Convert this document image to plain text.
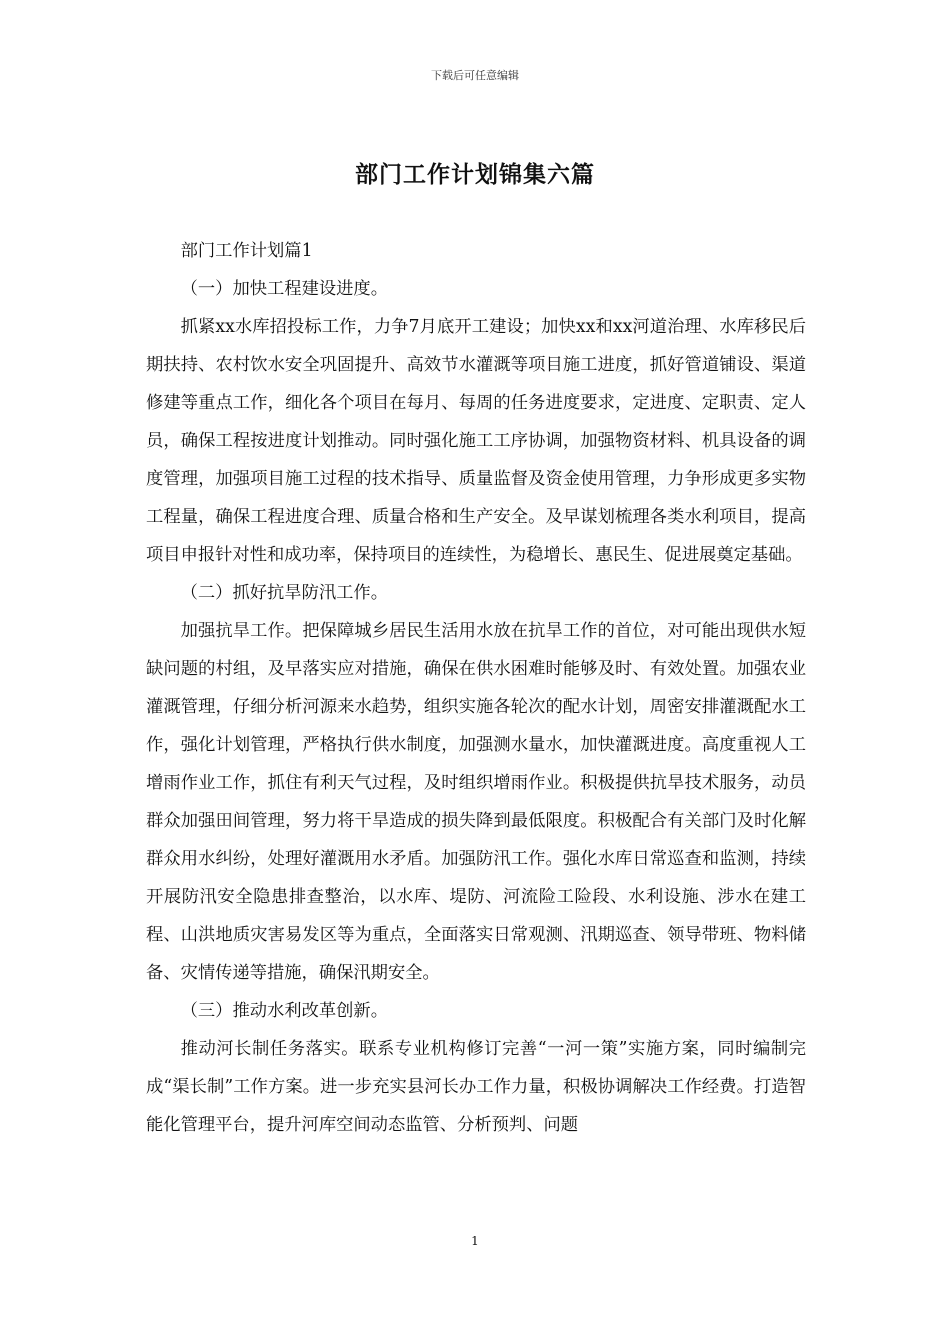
下载后可任意编辑
部门工作计划锦集六篇

部门工作计划篇1

（一）加快工程建设进度。

抓紧xx水库招投标工作，力争7月底开工建设；加快xx和xx河道治理、水库移民后期扶持、农村饮水安全巩固提升、高效节水灌溉等项目施工进度，抓好管道铺设、渠道修建等重点工作，细化各个项目在每月、每周的任务进度要求，定进度、定职责、定人员，确保工程按进度计划推动。同时强化施工工序协调，加强物资材料、机具设备的调度管理，加强项目施工过程的技术指导、质量监督及资金使用管理，力争形成更多实物工程量，确保工程进度合理、质量合格和生产安全。及早谋划梳理各类水利项目，提高项目申报针对性和成功率，保持项目的连续性，为稳增长、惠民生、促进展奠定基础。

（二）抓好抗旱防汛工作。

加强抗旱工作。把保障城乡居民生活用水放在抗旱工作的首位，对可能出现供水短缺问题的村组，及早落实应对措施，确保在供水困难时能够及时、有效处置。加强农业灌溉管理，仔细分析河源来水趋势，组织实施各轮次的配水计划，周密安排灌溉配水工作，强化计划管理，严格执行供水制度，加强测水量水，加快灌溉进度。高度重视人工增雨作业工作，抓住有利天气过程，及时组织增雨作业。积极提供抗旱技术服务，动员群众加强田间管理，努力将干旱造成的损失降到最低限度。积极配合有关部门及时化解群众用水纠纷，处理好灌溉用水矛盾。加强防汛工作。强化水库日常巡查和监测，持续开展防汛安全隐患排查整治，以水库、堤防、河流险工险段、水利设施、涉水在建工程、山洪地质灾害易发区等为重点，全面落实日常观测、汛期巡查、领导带班、物料储备、灾情传递等措施，确保汛期安全。

（三）推动水利改革创新。

推动河长制任务落实。联系专业机构修订完善“一河一策”实施方案，同时编制完成“渠长制”工作方案。进一步充实县河长办工作力量，积极协调解决工作经费。打造智能化管理平台，提升河库空间动态监管、分析预判、问题

1
